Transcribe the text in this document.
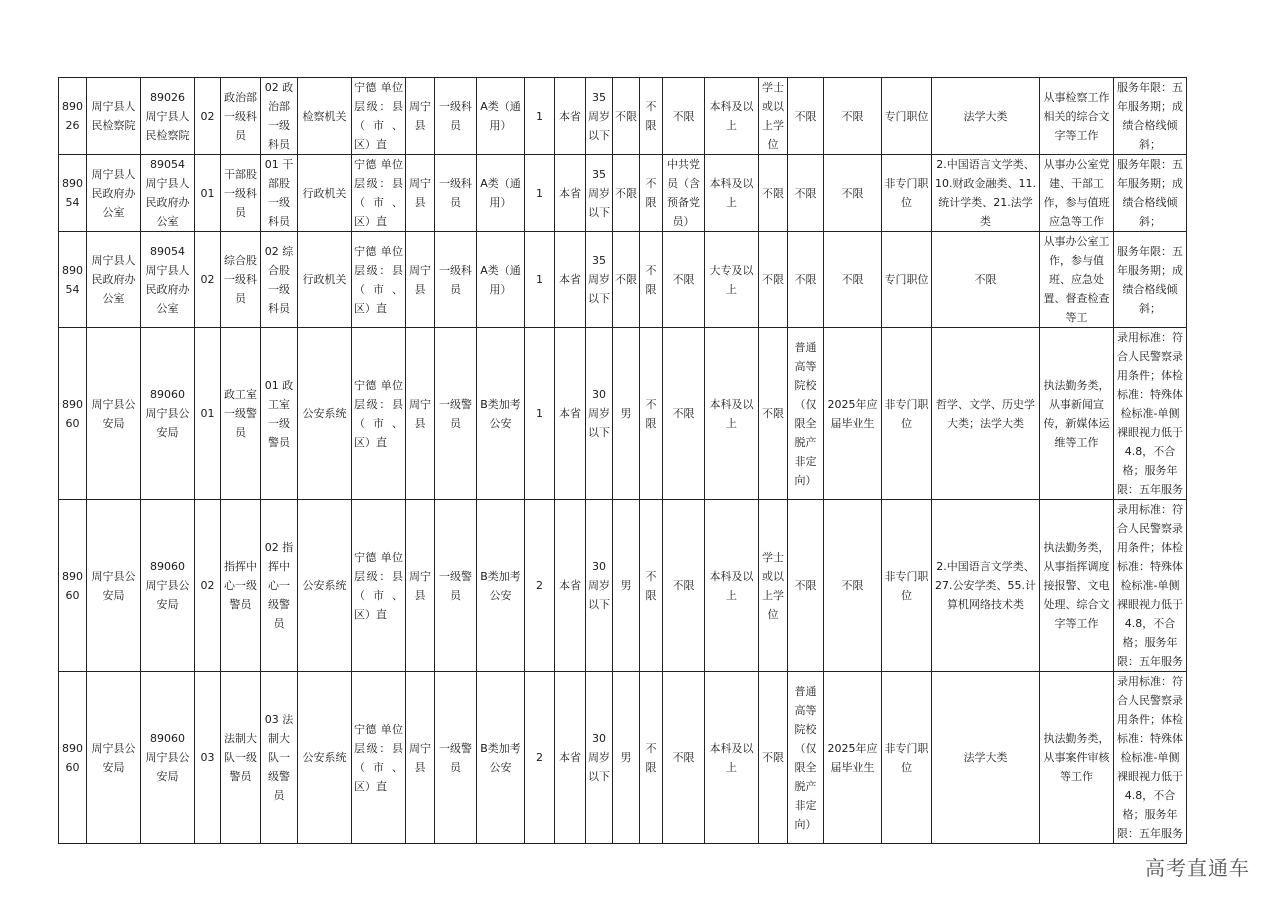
89026	周宁县人民检察院	89026 周宁县人民检察院	02	政治部一级科员	02 政治部一级科员	检察机关	宁德 单位层级：县（市、区）直	周宁县	一级科员	A类（通用）	1	本省	35周岁以下	不限	不限	不限	本科及以上	学士或以上学位	不限	不限	专门职位	法学大类	从事检察工作相关的综合文字等工作	服务年限：五年服务期；成绩合格线倾斜；
89054	周宁县人民政府办公室	89054 周宁县人民政府办公室	01	干部股一级科员	01 干部股一级科员	行政机关	宁德 单位层级：县（市、区）直	周宁县	一级科员	A类（通用）	1	本省	35周岁以下	不限	不限	中共党员（含预备党员）	本科及以上	不限	不限	不限	非专门职位	2.中国语言文学类、10.财政金融类、11.统计学类、21.法学类	从事办公室党建、干部工作，参与值班应急等工作	服务年限：五年服务期；成绩合格线倾斜；
89054	周宁县人民政府办公室	89054 周宁县人民政府办公室	02	综合股一级科员	02 综合股一级科员	行政机关	宁德 单位层级：县（市、区）直	周宁县	一级科员	A类（通用）	1	本省	35周岁以下	不限	不限	不限	大专及以上	不限	不限	不限	专门职位	不限	从事办公室工作，参与值班、应急处置、督查检查等工	服务年限：五年服务期；成绩合格线倾斜；
89060	周宁县公安局	89060 周宁县公安局	01	政工室一级警员	01 政工室一级警员	公安系统	宁德 单位层级：县（市、区）直	周宁县	一级警员	B类加考公安	1	本省	30周岁以下	男	不限	不限	本科及以上	不限	普通高等院校（仅限全脱产非定向）	2025年应届毕业生	非专门职位	哲学、文学、历史学大类；法学大类	执法勤务类，从事新闻宣传，新媒体运维等工作	录用标准：符合人民警察录用条件；体检标准：特殊体检标准-单侧裸眼视力低于4.8，不合格；服务年限：五年服务
89060	周宁县公安局	89060 周宁县公安局	02	指挥中心一级警员	02 指挥中心一级警员	公安系统	宁德 单位层级：县（市、区）直	周宁县	一级警员	B类加考公安	2	本省	30周岁以下	男	不限	不限	本科及以上	学士或以上学位	不限	不限	非专门职位	2.中国语言文学类、27.公安学类、55.计算机网络技术类	执法勤务类，从事指挥调度接报警、文电处理、综合文字等工作	录用标准：符合人民警察录用条件；体检标准：特殊体检标准-单侧裸眼视力低于4.8，不合格；服务年限：五年服务
89060	周宁县公安局	89060 周宁县公安局	03	法制大队一级警员	03 法制大队一级警员	公安系统	宁德 单位层级：县（市、区）直	周宁县	一级警员	B类加考公安	2	本省	30周岁以下	男	不限	不限	本科及以上	不限	普通高等院校（仅限全脱产非定向）	2025年应届毕业生	非专门职位	法学大类	执法勤务类，从事案件审核等工作	录用标准：符合人民警察录用条件；体检标准：特殊体检标准-单侧裸眼视力低于4.8，不合格；服务年限：五年服务
高考直通车
